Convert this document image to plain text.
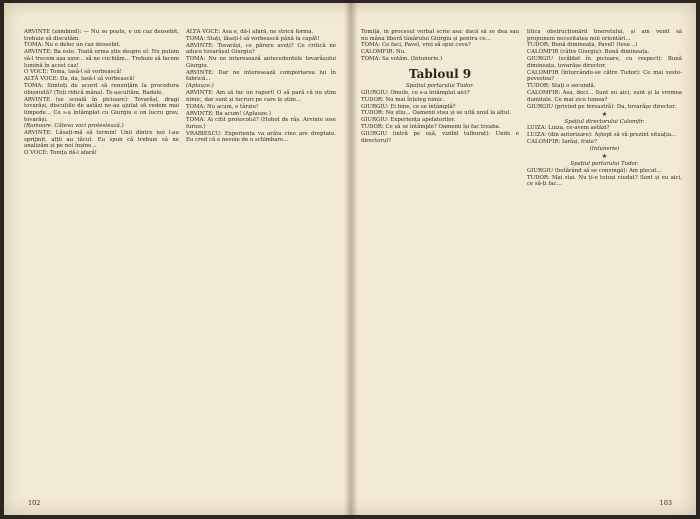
ARVINTE (zâmbind): — Nu se poate, e un caz deosebit, trebuie să discutăm.

TOMA: Nu e deloc un caz deosebit.

ARVINTE: Ba este. Toată urma știe despre el. Nu putem să-l trecem așa ușor... să ne cuchiăm... Trebuie să facem lumină în acest caz!

O VOCE: Toma, lasă-l să vorbească!

ALTĂ VOCE: Da, da, lasă-l să vorbească!

TOMA: Simteți de acord să renunțăm la procedura obișnuită? (Toți ridică mâna). Te-ascultăm, Radule.

ARVINTE (se scoală în picioare): Tovarăși, dragi tovarăși, discuțiile de astăzi ne-au ajutat să vedem mai limpede... Ce s-a întâmplat cu Giurgiu e un lucru grav, tovarăși.

(Rumoare. Câteva voci protestează.)

ARVINTE: Lăsați-mă să termin! Unii dintre noi l-au sprijinit, alții au tăcut. Eu spun că trebuie să ne analizăm și pe noi înșine...

O VOCE: Tonița dă-l afară!

ALTĂ VOCE: Asa e, dă-l afară, ne strică forma.

TOMA: Stați, lăsați-l să vorbească până la capăt!

ARVINTE: Tovarăși, ce părere aveți? Ce critică ne aduce tovarășul Giurgiu?

TOMA: Nu ne interesează antecedentele tovarășului Giurgiu.

ARVINTE: Dar ne interesează comportarea lui în fabrică...

(Aplauze.)

ARVINTE: Am să fac un raport! O să pară că nu știm nimic, dar sunt și lucruri pe care le știm...

TOMA: Nu acum, e târziu!

ARVINTE: Ba acum! (Aplauze.)

TOMA: Ai citit protocolul? (Hohot de râs. Arvinte iese furios.)

VRABIESCU: Experiența va arăta cine are dreptate. Eu cred că e nevoie de o schimbare...

102

Tomiță, în procesul verbal scrie asa: dacă să se dea sau nu mâna liberă tânărului Giurgiu și pentru ce...

TOMA: Ce faci, Pavel, vrei să spui ceva?

CALOMFIR: Nu.

TOMA: Sa votăm. (Intunerie.)

Tabloul 9

Spațiul portarului Tudor.

GIURGIU: Omule, ce s-a întâmplat aici?

TUDOR: Nu mai înțeleg nimic.

GIURGIU: Ei bine, ce se întâmplă?

TUDOR: Nu știu... Oamenii stau și se uită unul la altul.

GIURGIU: Experiența apelatorilor.

TUDOR: Ce să se întâmple? Oamenii își fac treaba.

GIURGIU (intră pe ușă, vizibil tulburat): Unde e directorul?

litica obstrucționării tineretului, și am venit să propunem necesitatea noii orientări...

TUDOR: Bună dimineața, Pavel! (Iese...)

CALOMFIR (către Giurgiu): Bună dimineața.

GIURGIU (scăldat în picioare, cu respect): Bună dimineața, tovarășe director.

CALOMFIR (întorcându-se către Tudor): Ce mai veste-povestea?

TUDOR: Stați o secundă.

CALOMFIR: Asa, deci... Sunt eu aici, sunt și la vremea dumitale. Ce mai zice lumea?

GIURGIU (privind pe fereastră): Da, tovarășe director.

★

Spațiul directorului Calomfir.

LUIZA: Luiza, ce-avem astăzi?

LUIZA: (din autorizare): Aștept să vă prezint situația...

CALOMFIR: Iarăși, frate?

(Intunerie)

★

Spațiul portarului Tudor.

GIURGIU (hotărând să se convingă): Am plecat...

TUDOR: Mai stai. Nu ți-e totuși ciudat? Sunt și eu aici, ce să-ți fac...

103
